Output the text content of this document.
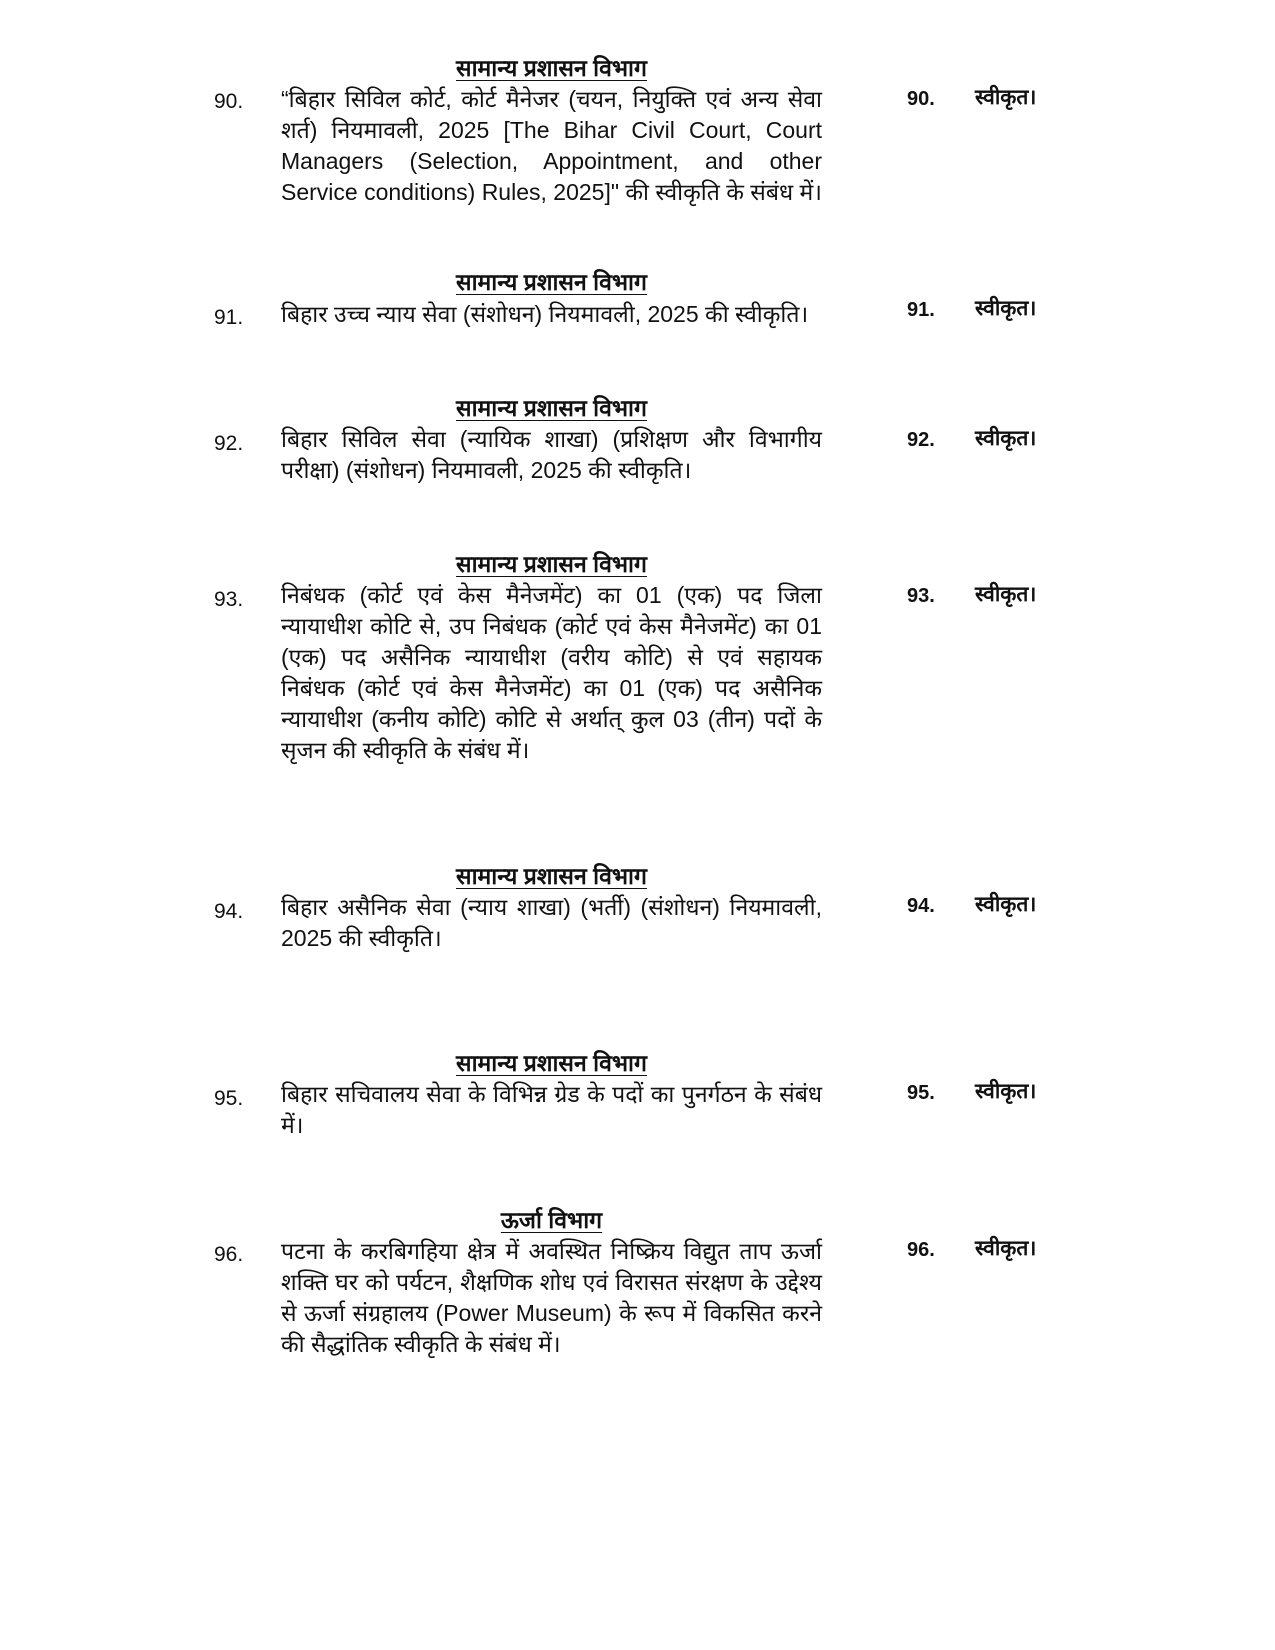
सामान्य प्रशासन विभाग
90. “बिहार सिविल कोर्ट, कोर्ट मैनेजर (चयन, नियुक्ति एवं अन्य सेवा शर्त) नियमावली, 2025 [The Bihar Civil Court, Court Managers (Selection, Appointment, and other Service conditions) Rules, 2025]" की स्वीकृति के संबंध में।
90. स्वीकृत।
सामान्य प्रशासन विभाग
91. बिहार उच्च न्याय सेवा (संशोधन) नियमावली, 2025 की स्वीकृति।	91. स्वीकृत।
सामान्य प्रशासन विभाग
92. बिहार सिविल सेवा (न्यायिक शाखा) (प्रशिक्षण और विभागीय परीक्षा) (संशोधन) नियमावली, 2025 की स्वीकृति।
92. स्वीकृत।
सामान्य प्रशासन विभाग
93. निबंधक (कोर्ट एवं केस मैनेजमेंट) का 01 (एक) पद जिला न्यायाधीश कोटि से, उप निबंधक (कोर्ट एवं केस मैनेजमेंट) का 01 (एक) पद असैनिक न्यायाधीश (वरीय कोटि) से एवं सहायक निबंधक (कोर्ट एवं केस मैनेजमेंट) का 01 (एक) पद असैनिक न्यायाधीश (कनीय कोटि) कोटि से अर्थात् कुल 03 (तीन) पदों के सृजन की स्वीकृति के संबंध में।
93. स्वीकृत।
सामान्य प्रशासन विभाग
94. बिहार असैनिक सेवा (न्याय शाखा) (भर्ती) (संशोधन) नियमावली, 2025 की स्वीकृति।
94. स्वीकृत।
सामान्य प्रशासन विभाग
95. बिहार सचिवालय सेवा के विभिन्न ग्रेड के पदों का पुनर्गठन के संबंध में।
95. स्वीकृत।
ऊर्जा विभाग
96. पटना के करबिगहिया क्षेत्र में अवस्थित निष्क्रिय विद्युत ताप ऊर्जा शक्ति घर को पर्यटन, शैक्षणिक शोध एवं विरासत संरक्षण के उद्देश्य से ऊर्जा संग्रहालय (Power Museum) के रूप में विकसित करने की सैद्धांतिक स्वीकृति के संबंध में।
96. स्वीकृत।
